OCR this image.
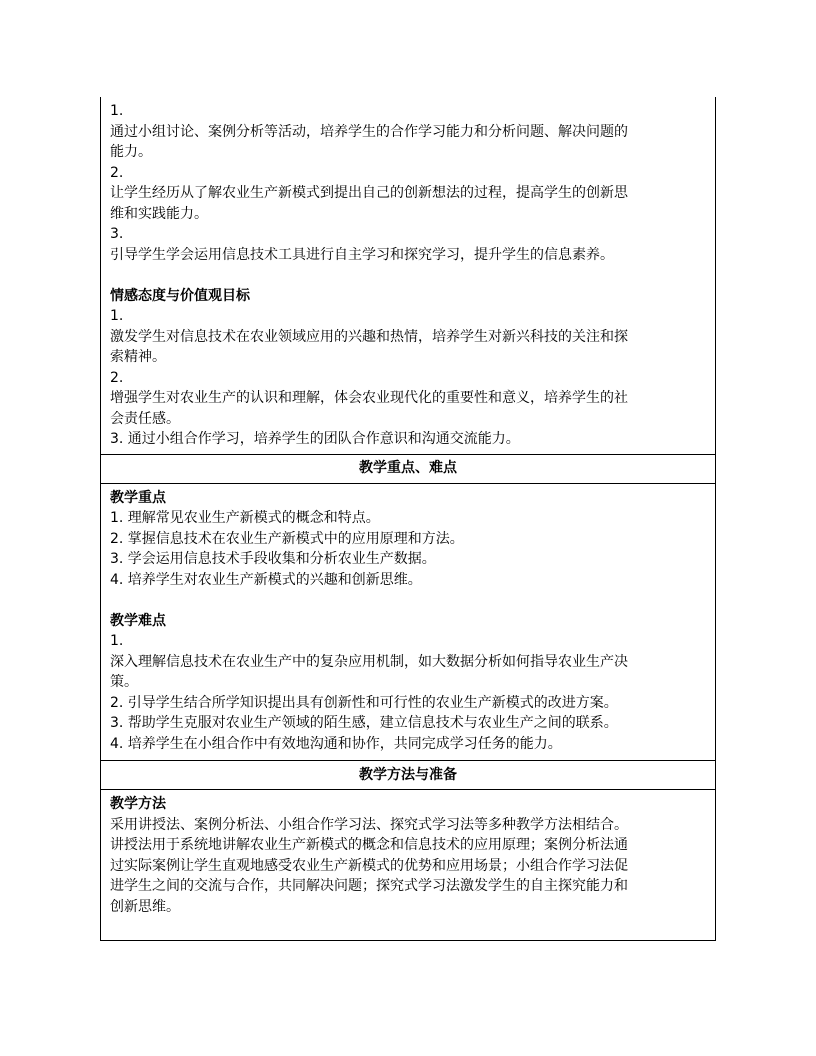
1.
通过小组讨论、案例分析等活动，培养学生的合作学习能力和分析问题、解决问题的
能力。
2.
让学生经历从了解农业生产新模式到提出自己的创新想法的过程，提高学生的创新思
维和实践能力。
3.
引导学生学会运用信息技术工具进行自主学习和探究学习，提升学生的信息素养。
情感态度与价值观目标
1.
激发学生对信息技术在农业领域应用的兴趣和热情，培养学生对新兴科技的关注和探
索精神。
2.
增强学生对农业生产的认识和理解，体会农业现代化的重要性和意义，培养学生的社
会责任感。
3. 通过小组合作学习，培养学生的团队合作意识和沟通交流能力。
教学重点、难点
教学重点
1. 理解常见农业生产新模式的概念和特点。
2. 掌握信息技术在农业生产新模式中的应用原理和方法。
3. 学会运用信息技术手段收集和分析农业生产数据。
4. 培养学生对农业生产新模式的兴趣和创新思维。
教学难点
1.
深入理解信息技术在农业生产中的复杂应用机制，如大数据分析如何指导农业生产决
策。
2. 引导学生结合所学知识提出具有创新性和可行性的农业生产新模式的改进方案。
3. 帮助学生克服对农业生产领域的陌生感，建立信息技术与农业生产之间的联系。
4. 培养学生在小组合作中有效地沟通和协作，共同完成学习任务的能力。
教学方法与准备
教学方法
采用讲授法、案例分析法、小组合作学习法、探究式学习法等多种教学方法相结合。
讲授法用于系统地讲解农业生产新模式的概念和信息技术的应用原理；案例分析法通
过实际案例让学生直观地感受农业生产新模式的优势和应用场景；小组合作学习法促
进学生之间的交流与合作，共同解决问题；探究式学习法激发学生的自主探究能力和
创新思维。
